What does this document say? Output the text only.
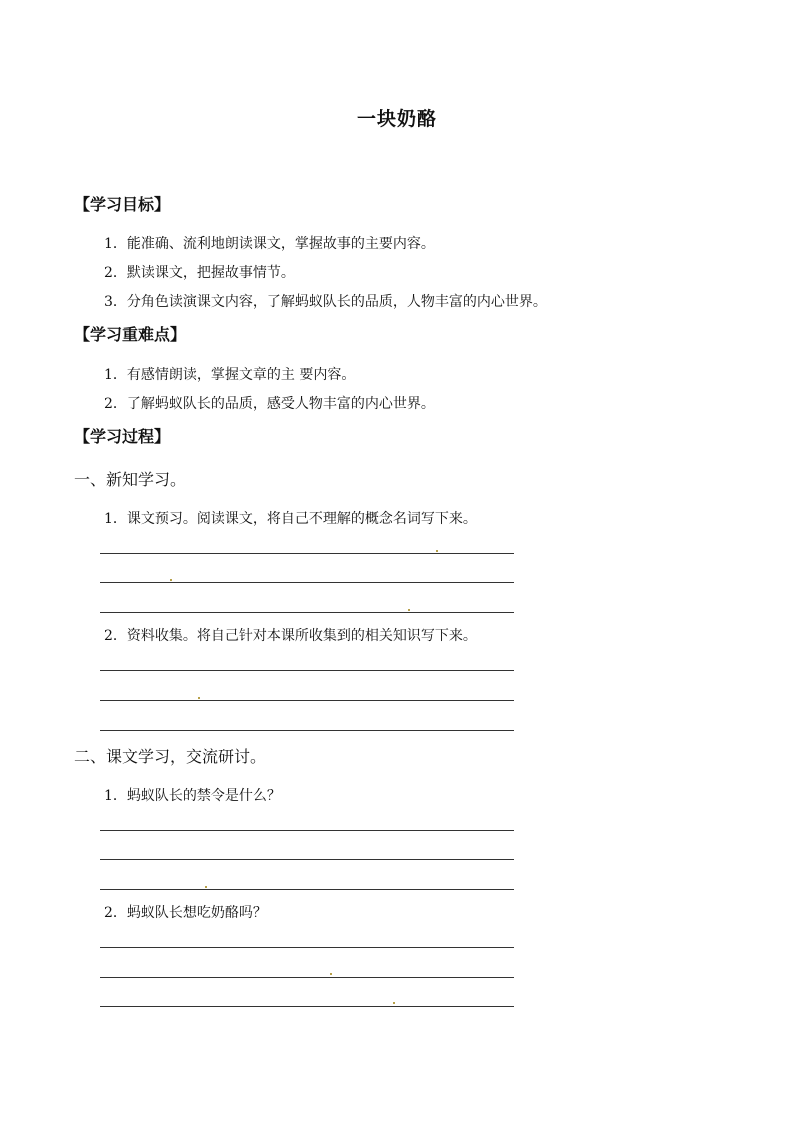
一块奶酪
【学习目标】
1．能准确、流利地朗读课文，掌握故事的主要内容。
2．默读课文，把握故事情节。
3．分角色读演课文内容，了解蚂蚁队长的品质，人物丰富的内心世界。
【学习重难点】
1．有感情朗读，掌握文章的主 要内容。
2．了解蚂蚁队长的品质，感受人物丰富的内心世界。
【学习过程】
一、新知学习。
1．课文预习。阅读课文，将自己不理解的概念名词写下来。
2．资料收集。将自己针对本课所收集到的相关知识写下来。
二、课文学习，交流研讨。
1．蚂蚁队长的禁令是什么？
2．蚂蚁队长想吃奶酪吗？
